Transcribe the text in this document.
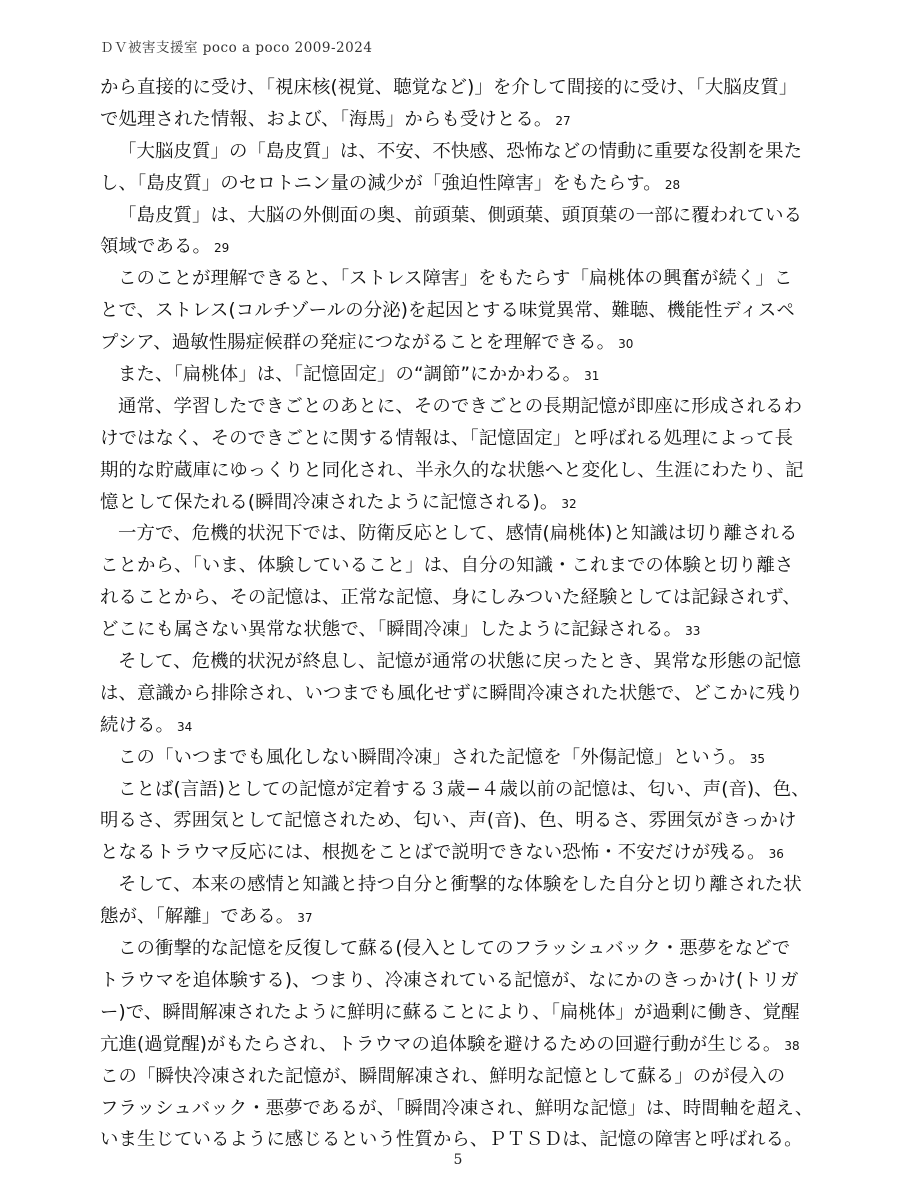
ＤＶ被害支援室 poco a poco 2009-2024
から直接的に受け、「視床核(視覚、聴覚など)」を介して間接的に受け、「大脳皮質」
で処理された情報、および、「海馬」からも受けとる。 27
「大脳皮質」の「島皮質」は、不安、不快感、恐怖などの情動に重要な役割を果た
し、「島皮質」のセロトニン量の減少が「強迫性障害」をもたらす。 28
「島皮質」は、大脳の外側面の奥、前頭葉、側頭葉、頭頂葉の一部に覆われている
領域である。 29
このことが理解できると、「ストレス障害」をもたらす「扁桃体の興奮が続く」こ
とで、ストレス(コルチゾールの分泌)を起因とする味覚異常、難聴、機能性ディスペ
プシア、過敏性腸症候群の発症につながることを理解できる。 30
また、「扁桃体」は、「記憶固定」の“調節”にかかわる。 31
通常、学習したできごとのあとに、そのできごとの長期記憶が即座に形成されるわ
けではなく、そのできごとに関する情報は、「記憶固定」と呼ばれる処理によって長
期的な貯蔵庫にゆっくりと同化され、半永久的な状態へと変化し、生涯にわたり、記
憶として保たれる(瞬間冷凍されたように記憶される)。 32
一方で、危機的状況下では、防衛反応として、感情(扁桃体)と知識は切り離される
ことから、「いま、体験していること」は、自分の知識・これまでの体験と切り離さ
れることから、その記憶は、正常な記憶、身にしみついた経験としては記録されず、
どこにも属さない異常な状態で、「瞬間冷凍」したように記録される。 33
そして、危機的状況が終息し、記憶が通常の状態に戻ったとき、異常な形態の記憶
は、意識から排除され、いつまでも風化せずに瞬間冷凍された状態で、どこかに残り
続ける。 34
この「いつまでも風化しない瞬間冷凍」された記憶を「外傷記憶」という。 35
ことば(言語)としての記憶が定着する３歳−４歳以前の記憶は、匂い、声(音)、色、
明るさ、雰囲気として記憶されため、匂い、声(音)、色、明るさ、雰囲気がきっかけ
となるトラウマ反応には、根拠をことばで説明できない恐怖・不安だけが残る。 36
そして、本来の感情と知識と持つ自分と衝撃的な体験をした自分と切り離された状
態が、「解離」である。 37
この衝撃的な記憶を反復して蘇る(侵入としてのフラッシュバック・悪夢をなどで
トラウマを追体験する)、つまり、冷凍されている記憶が、なにかのきっかけ(トリガ
ー)で、瞬間解凍されたように鮮明に蘇ることにより、「扁桃体」が過剰に働き、覚醒
亢進(過覚醒)がもたらされ、トラウマの追体験を避けるための回避行動が生じる。 38
この「瞬快冷凍された記憶が、瞬間解凍され、鮮明な記憶として蘇る」のが侵入の
フラッシュバック・悪夢であるが、「瞬間冷凍され、鮮明な記憶」は、時間軸を超え、
いま生じているように感じるという性質から、ＰＴＳＤは、記憶の障害と呼ばれる。
5
